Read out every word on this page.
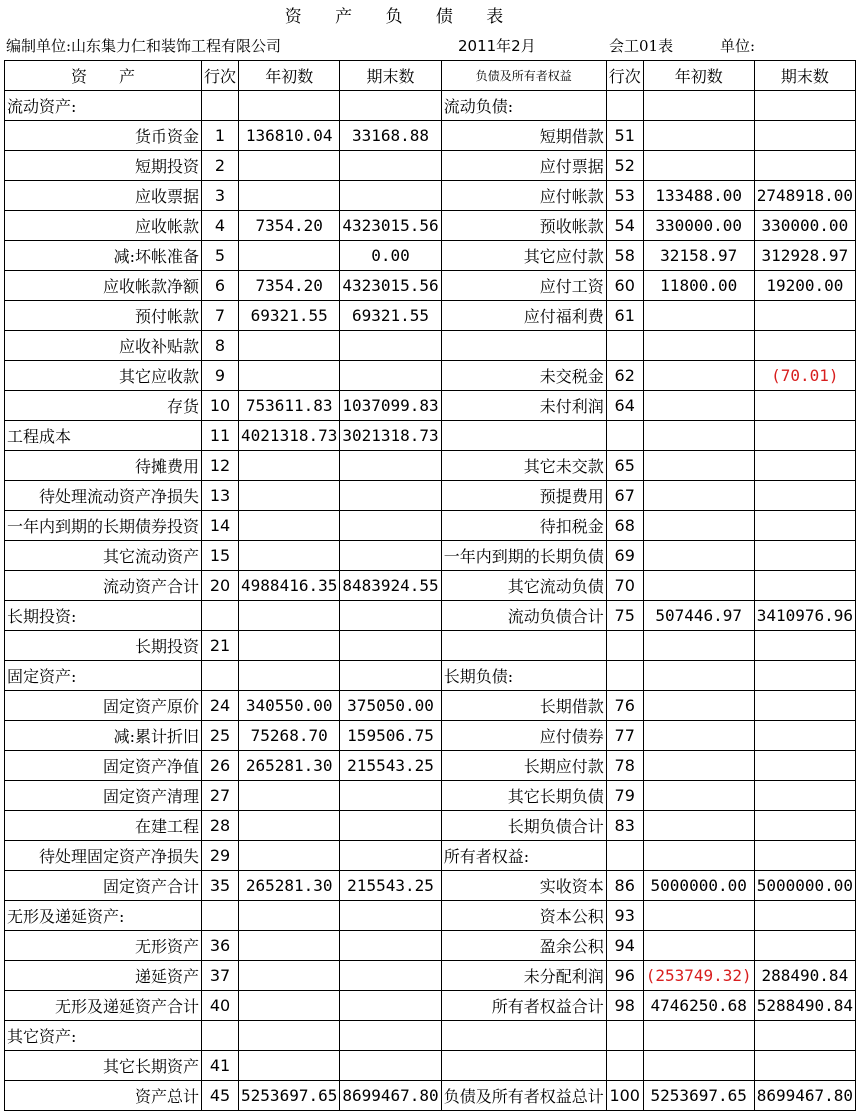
资 产 负 债 表
编制单位:山东集力仁和装饰工程有限公司	2011年2月	会工01表	单位:
资　　产	行次	年初数	期末数	负债及所有者权益	行次	年初数	期末数
流动资产:				流动负债:			
货币资金	1	136810.04	33168.88	短期借款	51		
短期投资	2			应付票据	52		
应收票据	3			应付帐款	53	133488.00	2748918.00
应收帐款	4	7354.20	4323015.56	预收帐款	54	330000.00	330000.00
减:坏帐准备	5		0.00	其它应付款	58	32158.97	312928.97
应收帐款净额	6	7354.20	4323015.56	应付工资	60	11800.00	19200.00
预付帐款	7	69321.55	69321.55	应付福利费	61		
应收补贴款	8						
其它应收款	9			未交税金	62		(70.01)
存货	10	753611.83	1037099.83	未付利润	64		
工程成本	11	4021318.73	3021318.73				
待摊费用	12			其它未交款	65		
待处理流动资产净损失	13			预提费用	67		
一年内到期的长期债券投资	14			待扣税金	68		
其它流动资产	15			一年内到期的长期负债	69		
流动资产合计	20	4988416.35	8483924.55	其它流动负债	70		
长期投资:				流动负债合计	75	507446.97	3410976.96
长期投资	21						
固定资产:				长期负债:			
固定资产原价	24	340550.00	375050.00	长期借款	76		
减:累计折旧	25	75268.70	159506.75	应付债券	77		
固定资产净值	26	265281.30	215543.25	长期应付款	78		
固定资产清理	27			其它长期负债	79		
在建工程	28			长期负债合计	83		
待处理固定资产净损失	29			所有者权益:			
固定资产合计	35	265281.30	215543.25	实收资本	86	5000000.00	5000000.00
无形及递延资产:				资本公积	93		
无形资产	36			盈余公积	94		
递延资产	37			未分配利润	96	(253749.32)	288490.84
无形及递延资产合计	40			所有者权益合计	98	4746250.68	5288490.84
其它资产:							
其它长期资产	41						
资产总计	45	5253697.65	8699467.80	负债及所有者权益总计	100	5253697.65	8699467.80
